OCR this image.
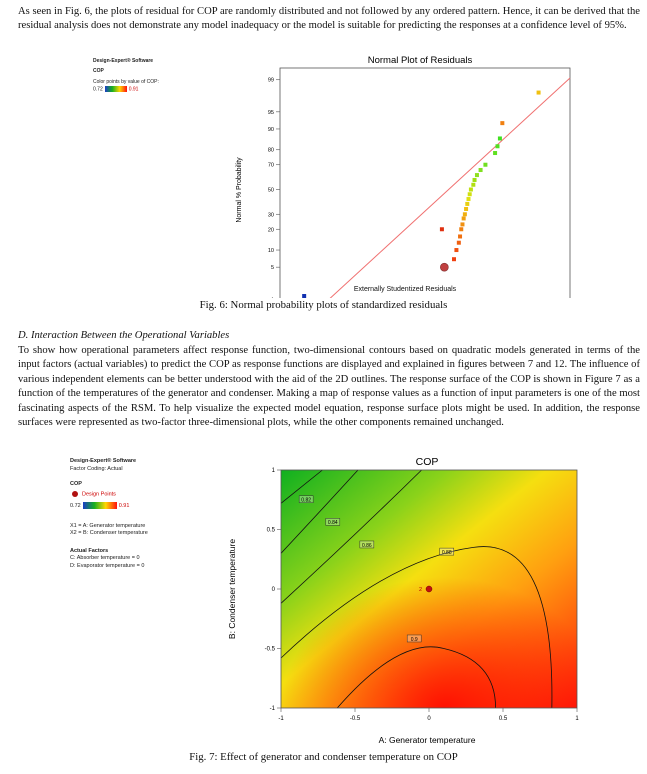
As seen in Fig. 6, the plots of residual for COP are randomly distributed and not followed by any ordered pattern. Hence, it can be derived that the residual analysis does not demonstrate any model inadequacy or the model is suitable for predicting the responses at a confidence level of 95%.
Design-Expert® Software
COP
Color points by value of COP:
0.72	0.91
Normal Plot of Residuals
5
10
20
30
50
70
80
90
95
99
Normal % Probability
Externally Studentized Residuals
Fig. 6: Normal probability plots of standardized residuals
D. Interaction Between the Operational Variables
To show how operational parameters affect response function, two-dimensional contours based on quadratic models generated in terms of the input factors (actual variables) to predict the COP as response functions are displayed and explained in figures between 7 and 12. The influence of various independent elements can be better understood with the aid of the 2D outlines. The response surface of the COP is shown in Figure 7 as a function of the temperatures of the generator and condenser. Making a map of response values as a function of input parameters is one of the most fascinating aspects of the RSM. To help visualize the expected model equation, response surface plots might be used. In addition, the response surfaces were represented as two-factor three-dimensional plots, while the other components remained unchanged.
Design-Expert® Software
Factor Coding: Actual
COP
Design Points
0.72	0.91
X1 = A: Generator temperature
X2 = B: Condenser temperature
Actual Factors
C: Absorber temperature = 0
D: Evaporator temperature = 0
COP
0.82
0.84
0.86
0.88
0.9
-1	-0.5	0	0.5	1
-1
-0.5
0
0.5
1
2
B: Condenser temperature
A: Generator temperature
Fig. 7: Effect of generator and condenser temperature on COP
